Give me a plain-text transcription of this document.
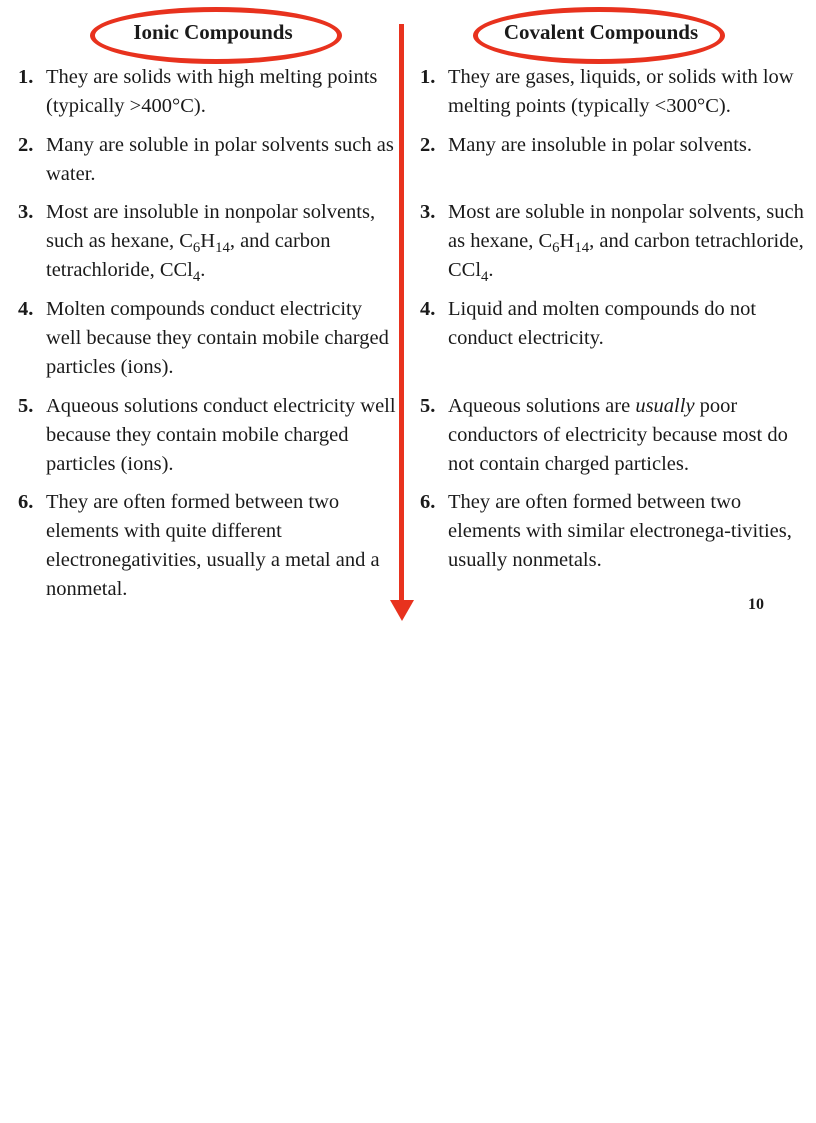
Ionic Compounds	Covalent Compounds
1. They are solids with high melting points (typically >400°C).
2. Many are soluble in polar solvents such as water.
3. Most are insoluble in nonpolar solvents, such as hexane, $C_6H_{14}$, and carbon tetrachloride, CCl$_4$.
4. Molten compounds conduct electricity well because they contain mobile charged particles (ions).
5. Aqueous solutions conduct electricity well because they contain mobile charged particles (ions).
6. They are often formed between two elements with quite different electronegativities, usually a metal and a nonmetal.
1. They are gases, liquids, or solids with low melting points (typically <300°C).
2. Many are insoluble in polar solvents.
3. Most are soluble in nonpolar solvents, such as hexane, $C_6H_{14}$, and carbon tetrachloride, CCl$_4$.
4. Liquid and molten compounds do not conduct electricity.
5. Aqueous solutions are usually poor conductors of electricity because most do not contain charged particles.
6. They are often formed between two elements with similar electronega-tivities, usually nonmetals.
10
